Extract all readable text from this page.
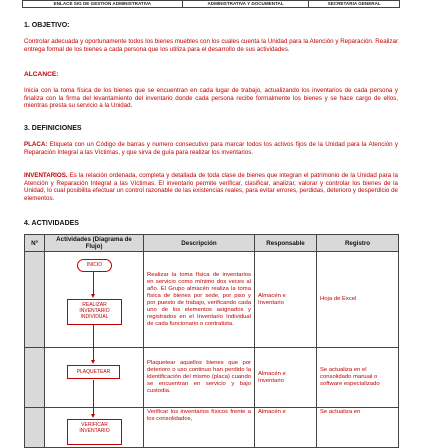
ENLACE SIG DE GESTION ADMINISTRATIVA	ADMINISTRATIVA Y DOCUMENTAL	SECRETARIA GENERAL
1. OBJETIVO:
Controlar adecuada y oportunamente todos los bienes muebles con los cuales cuenta la Unidad para la Atención y Reparación. Realizar entrega formal de los bienes a cada persona que los utiliza para el desarrollo de sus actividades.
ALCANCE:
Inicia con la toma física de los bienes que se encuentran en cada lugar de trabajo, actualizando los inventarios de cada persona y finaliza con la firma del levantamiento del inventario donde cada persona recibe formalmente los bienes y se hace cargo de ellos, mientras presta su servicio a la Unidad.
3. DEFINICIONES
PLACA: Etiqueta con un Código de barras y numero consecutivo para marcar todos los activos fijos de la Unidad para la Atención y Reparación Integral a las Víctimas, y que sirva de guía para realizar los inventarios.
INVENTARIOS. Es la relación ordenada, completa y detallada de toda clase de bienes que integran el patrimonio de la Unidad para la Atención y Reparación Integral a las Víctimas. El inventario permite verificar, clasificar, analizar, valorar y controlar los bienes de la Unidad, lo cual posibilita efectuar un control razonable de las existencias reales, para evitar errores, perdidas, deterioro y desperdicio de elementos.
4. ACTIVIDADES
Nº	Actividades (Diagrama de Flujo)	Descripción	Responsable	Registro

	INICIO
REALIZAR INVENTARIO INDIVIDUAL	Realizar la toma física de inventarios en servicio como mínimo dos veces al año. El Grupo almacén realiza la toma física de bienes por sede, por piso y por puesto de trabajo, verificando cada uno de los elementos asignados y registrados en el Inventario Individual de cada funcionario o contratista.	Almacén e Inventario	Hoja de Excel

	PLAQUETEAR	Plaquetear aquellos bienes que por deterioro o uso continuo han perdido la identificación del mismo (placa) cuando se encuentran en servicio y bajo custodia.	Almacén e Inventario	Se actualiza en el consolidado manual o software especializado

	VERIFICAR INVENTARIO	Verificar los inventarios físicos frente a los consolidados,	Almacén e	Se actualiza en
